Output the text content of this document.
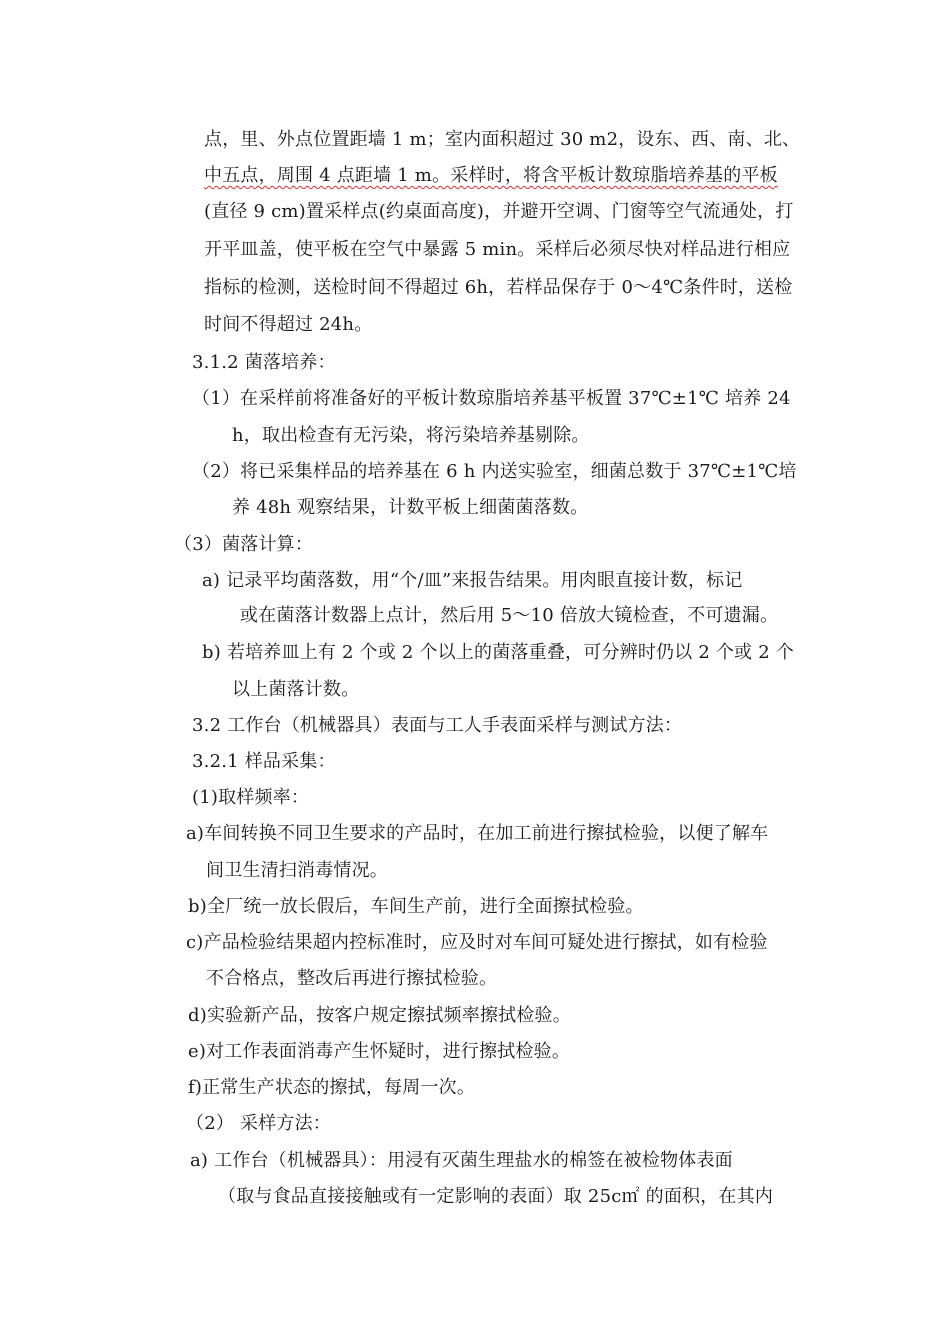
点，里、外点位置距墙 1 m；室内面积超过 30 m2，设东、西、南、北、
中五点，周围 4 点距墙 1 m。采样时，将含平板计数琼脂培养基的平板
(直径 9 cm)置采样点(约桌面高度)，并避开空调、门窗等空气流通处，打
开平皿盖，使平板在空气中暴露 5 min。采样后必须尽快对样品进行相应
指标的检测，送检时间不得超过 6h，若样品保存于 0～4℃条件时，送检
时间不得超过 24h。
3.1.2 菌落培养：
（1）在采样前将准备好的平板计数琼脂培养基平板置 37℃±1℃ 培养 24
h，取出检查有无污染，将污染培养基剔除。
（2）将已采集样品的培养基在 6 h 内送实验室，细菌总数于 37℃±1℃培
养 48h 观察结果，计数平板上细菌菌落数。
（3）菌落计算：
a) 记录平均菌落数，用“个/皿”来报告结果。用肉眼直接计数，标记
或在菌落计数器上点计，然后用 5～10 倍放大镜检查，不可遗漏。
b) 若培养皿上有 2 个或 2 个以上的菌落重叠，可分辨时仍以 2 个或 2 个
以上菌落计数。
3.2 工作台（机械器具）表面与工人手表面采样与测试方法：
3.2.1 样品采集：
(1)取样频率：
a)车间转换不同卫生要求的产品时，在加工前进行擦拭检验，以便了解车
间卫生清扫消毒情况。
b)全厂统一放长假后，车间生产前，进行全面擦拭检验。
c)产品检验结果超内控标准时，应及时对车间可疑处进行擦拭，如有检验
不合格点，整改后再进行擦拭检验。
d)实验新产品，按客户规定擦拭频率擦拭检验。
e)对工作表面消毒产生怀疑时，进行擦拭检验。
f)正常生产状态的擦拭，每周一次。
（2） 采样方法：
a) 工作台（机械器具）：用浸有灭菌生理盐水的棉签在被检物体表面
（取与食品直接接触或有一定影响的表面）取 25c㎡ 的面积，在其内
